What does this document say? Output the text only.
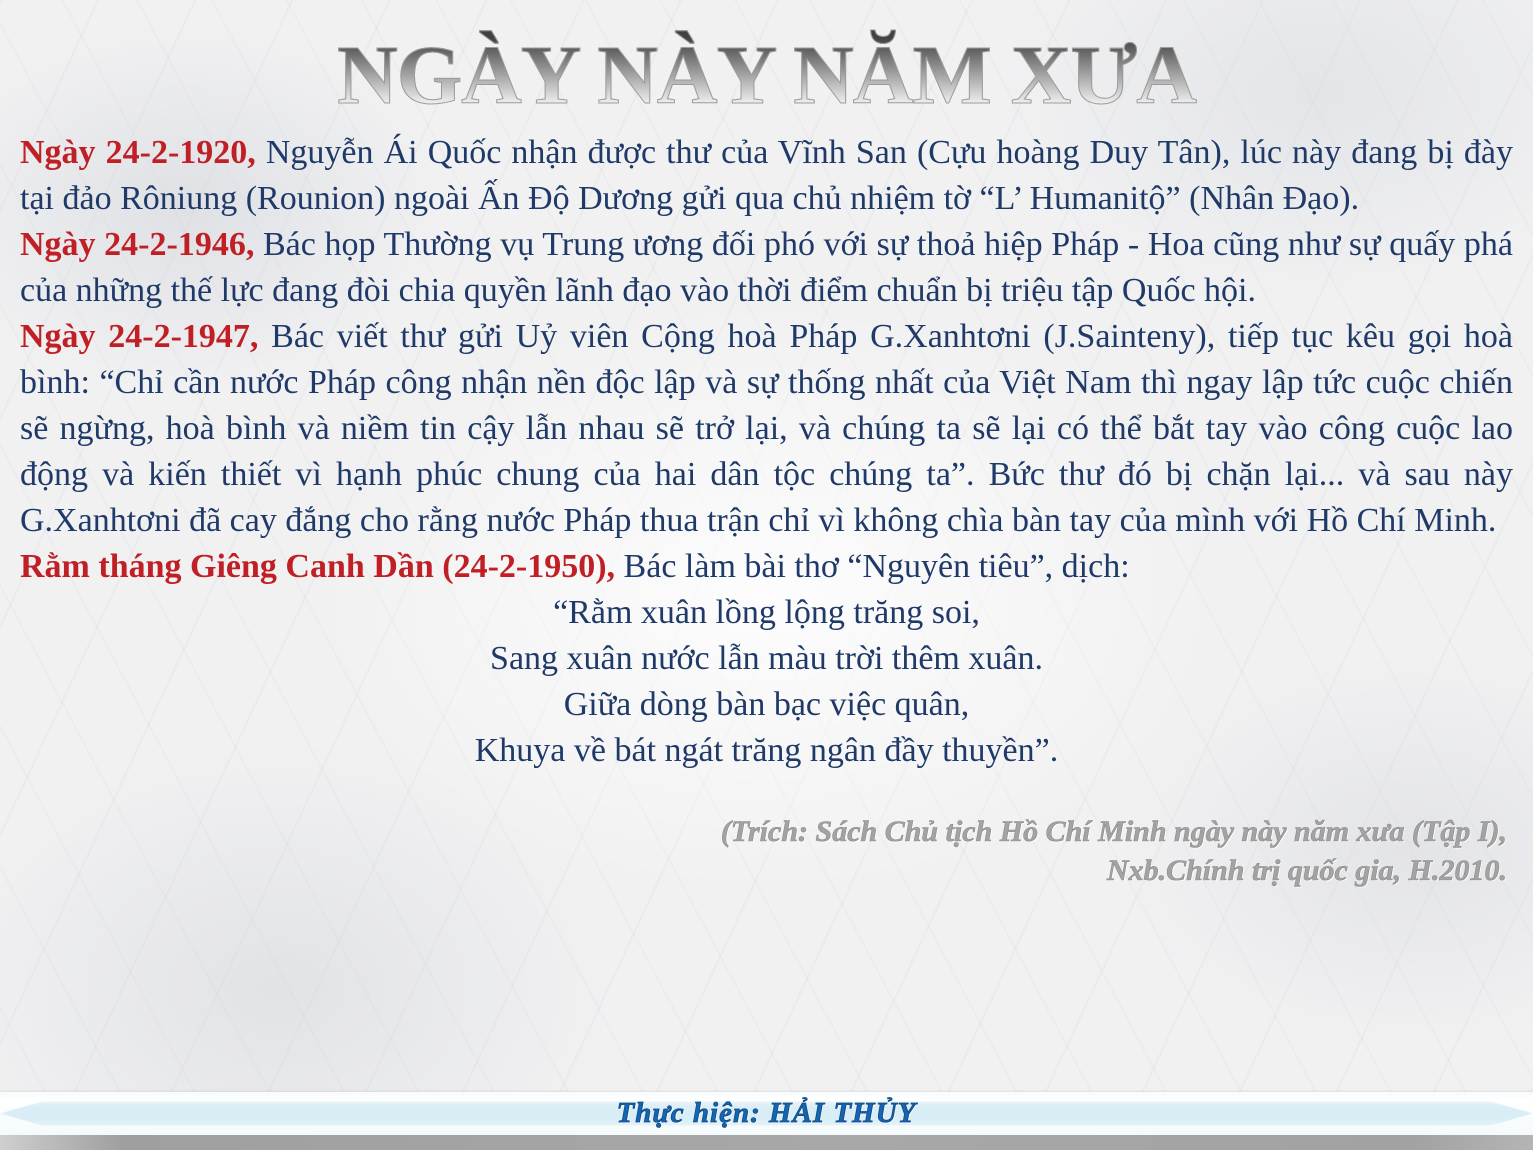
NGÀY NÀY NĂM XƯA

Ngày 24-2-1920, Nguyễn Ái Quốc nhận được thư của Vĩnh San (Cựu hoàng Duy Tân), lúc này đang bị đày tại đảo Rôniung (Rounion) ngoài Ấn Độ Dương gửi qua chủ nhiệm tờ “L’ Humanitộ” (Nhân Đạo).

Ngày 24-2-1946, Bác họp Thường vụ Trung ương đối phó với sự thoả hiệp Pháp - Hoa cũng như sự quấy phá của những thế lực đang đòi chia quyền lãnh đạo vào thời điểm chuẩn bị triệu tập Quốc hội.

Ngày 24-2-1947, Bác viết thư gửi Uỷ viên Cộng hoà Pháp G.Xanhtơni (J.Sainteny), tiếp tục kêu gọi hoà bình: “Chỉ cần nước Pháp công nhận nền độc lập và sự thống nhất của Việt Nam thì ngay lập tức cuộc chiến sẽ ngừng, hoà bình và niềm tin cậy lẫn nhau sẽ trở lại, và chúng ta sẽ lại có thể bắt tay vào công cuộc lao động và kiến thiết vì hạnh phúc chung của hai dân tộc chúng ta”. Bức thư đó bị chặn lại... và sau này G.Xanhtơni đã cay đắng cho rằng nước Pháp thua trận chỉ vì không chìa bàn tay của mình với Hồ Chí Minh.

Rằm tháng Giêng Canh Dần (24-2-1950), Bác làm bài thơ “Nguyên tiêu”, dịch:

“Rằm xuân lồng lộng trăng soi,
Sang xuân nước lẫn màu trời thêm xuân.
Giữa dòng bàn bạc việc quân,
Khuya về bát ngát trăng ngân đầy thuyền”.
(Trích: Sách Chủ tịch Hồ Chí Minh ngày này năm xưa (Tập I),
Nxb.Chính trị quốc gia, H.2010.
Thực hiện: HẢI THỦY
